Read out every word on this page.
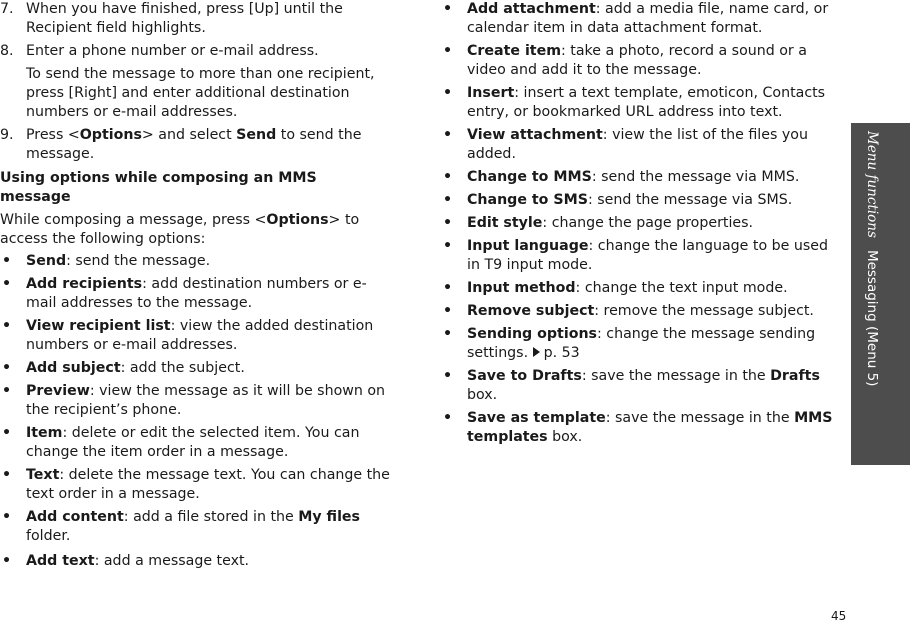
7. When you have finished, press [Up] until the Recipient field highlights.

8. Enter a phone number or e-mail address.

To send the message to more than one recipient, press [Right] and enter additional destination numbers or e-mail addresses.

9. Press <Options> and select Send to send the message.

Using options while composing an MMS message

While composing a message, press <Options> to access the following options:

• Send: send the message.

• Add recipients: add destination numbers or e-mail addresses to the message.

• View recipient list: view the added destination numbers or e-mail addresses.

• Add subject: add the subject.

• Preview: view the message as it will be shown on the recipient’s phone.

• Item: delete or edit the selected item. You can change the item order in a message.

• Text: delete the message text. You can change the text order in a message.

• Add content: add a file stored in the My files folder.

• Add text: add a message text.

• Add attachment: add a media file, name card, or calendar item in data attachment format.

• Create item: take a photo, record a sound or a video and add it to the message.

• Insert: insert a text template, emoticon, Contacts entry, or bookmarked URL address into text.

• View attachment: view the list of the files you added.

• Change to MMS: send the message via MMS.

• Change to SMS: send the message via SMS.

• Edit style: change the page properties.

• Input language: change the language to be used in T9 input mode.

• Input method: change the text input mode.

• Remove subject: remove the message subject.

• Sending options: change the message sending settings. p. 53

• Save to Drafts: save the message in the Drafts box.

• Save as template: save the message in the MMS templates box.

Menu functionsMessaging (Menu 5)
45
